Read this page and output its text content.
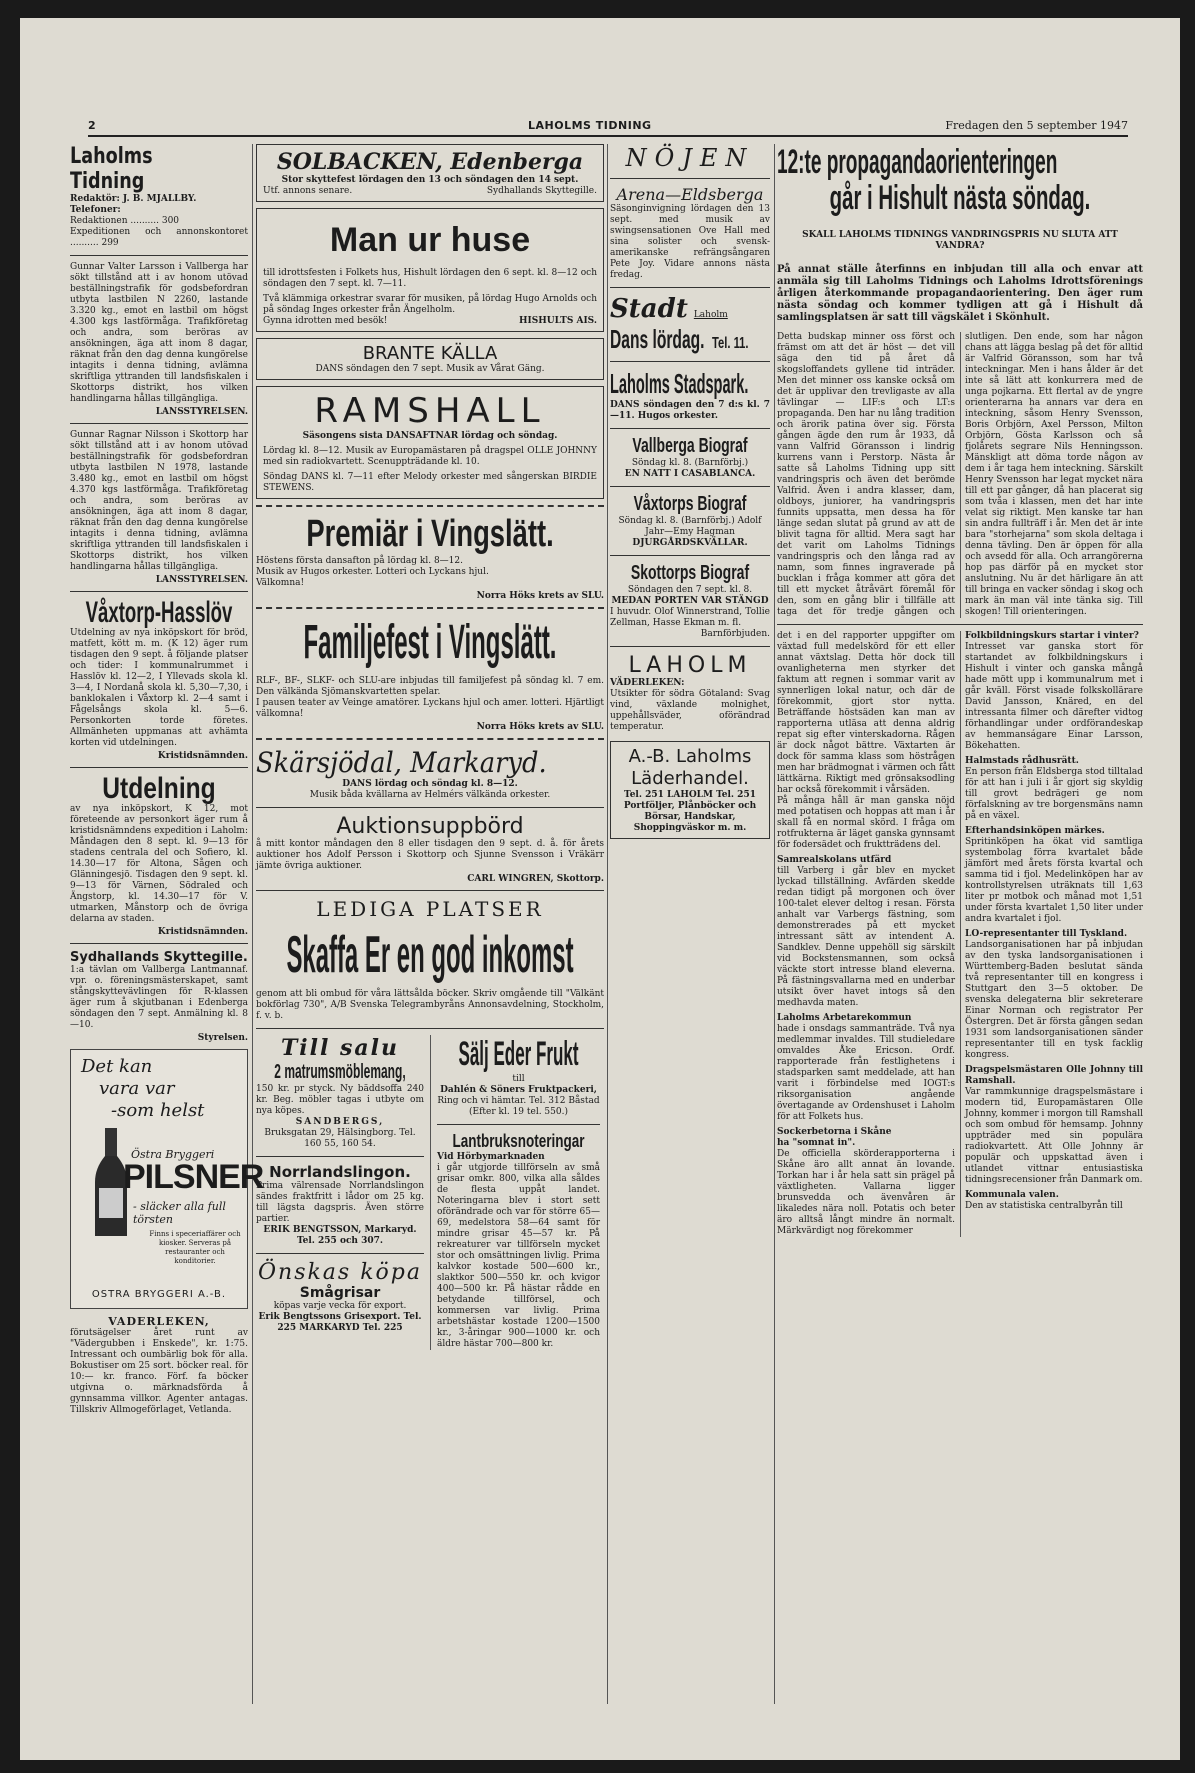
2	LAHOLMS TIDNING	Fredagen den 5 september 1947
Laholms Tidning
Redaktör: J. B. MJALLBY.
Telefoner:
Redaktionen .......... 300
Expeditionen och annonskontoret .......... 299

Gunnar Valter Larsson i Vallberga har sökt tillstånd att i av honom utövad beställningstrafik för godsbefordran utbyta lastbilen N 2260, lastande 3.320 kg., emot en lastbil om högst 4.300 kgs lastförmåga. Trafikföretag och andra, som beröras av ansökningen, äga att inom 8 dagar, räknat från den dag denna kungörelse intagits i denna tidning, avlämna skriftliga yttranden till landsfiskalen i Skottorps distrikt, hos vilken handlingarna hållas tillgängliga.

LANSSTYRELSEN.

Gunnar Ragnar Nilsson i Skottorp har sökt tillstånd att i av honom utövad beställningstrafik för godsbefordran utbyta lastbilen N 1978, lastande 3.480 kg., emot en lastbil om högst 4.370 kgs lastförmåga. Trafikföretag och andra, som beröras av ansökningen, äga att inom 8 dagar, räknat från den dag denna kungörelse intagits i denna tidning, avlämna skriftliga yttranden till landsfiskalen i Skottorps distrikt, hos vilken handlingarna hållas tillgängliga.

LANSSTYRELSEN.
Våxtorp-Hasslöv

Utdelning av nya inköpskort för bröd, matfett, kött m. m. (K 12) äger rum tisdagen den 9 sept. å följande platser och tider: I kommunalrummet i Hasslöv kl. 12—2, I Yllevads skola kl. 3—4, I Nordanå skola kl. 5,30—7,30, i banklokalen i Våxtorp kl. 2—4 samt i Fågelsångs skola kl. 5—6. Personkorten torde företes. Allmänheten uppmanas att avhämta korten vid utdelningen.

Kristidsnämnden.
Utdelning

av nya inköpskort, K 12, mot företeende av personkort äger rum å kristidsnämndens expedition i Laholm: Måndagen den 8 sept. kl. 9—13 för stadens centrala del och Sofiero, kl. 14.30—17 för Altona, Sågen och Glänningesjö. Tisdagen den 9 sept. kl. 9—13 för Värnen, Södraled och Ängstorp, kl. 14.30—17 för V. utmarken, Månstorp och de övriga delarna av staden.

Kristidsnämnden.
Sydhallands Skyttegille.

1:a tävlan om Vallberga Lantmannaf. vpr. o. föreningsmästerskapet, samt stångskyttevävlingen för R-klassen äger rum å skjutbanan i Edenberga söndagen den 7 sept. Anmälning kl. 8—10.

Styrelsen.
Det kan
vara var
-som helst
Östra Bryggeri
PILSNER
- släcker alla full törsten
Finns i speceriaffärer och kiosker. Serveras på restauranter och konditorier.
OSTRA BRYGGERI A.-B.
VADERLEKEN,

förutsägelser året runt av "Vädergubben i Enskede", kr. 1:75. Intressant och oumbärlig bok för alla. Bokustiser om 25 sort. böcker real. för 10:— kr. franco. Förf. fa böcker utgivna o. märknadsförda å gynnsamma villkor. Agenter antagas. Tillskriv Allmogeförlaget, Vetlanda.

SOLBACKEN, Edenberga
Stor skyttefest lördagen den 13 och söndagen den 14 sept.
Utf. annons senare.	Sydhallands Skyttegille.
Man ur huse

till idrottsfesten i Folkets hus, Hishult lördagen den 6 sept. kl. 8—12 och söndagen den 7 sept. kl. 7—11.

Två klämmiga orkestrar svarar för musiken, på lördag Hugo Arnolds och på söndag Inges orkester från Ängelholm.

Gynna idrotten med besök!	HISHULTS AIS.
BRANTE KÄLLA
DANS söndagen den 7 sept. Musik av Vårat Gäng.
RAMSHALL
Säsongens sista DANSAFTNAR lördag och söndag.

Lördag kl. 8—12. Musik av Europamästaren på dragspel OLLE JOHNNY med sin radiokvartett. Scenuppträdande kl. 10.

Söndag DANS kl. 7—11 efter Melody orkester med sångerskan BIRDIE STEWENS.

Premiär i Vingslätt.

Höstens första dansafton på lördag kl. 8—12.

Musik av Hugos orkester. Lotteri och Lyckans hjul.

Välkomna!

Norra Höks krets av SLU.
Familjefest i Vingslätt.

RLF-, BF-, SLKF- och SLU-are inbjudas till familjefest på söndag kl. 7 em. Den välkända Sjömanskvartetten spelar.

I pausen teater av Veinge amatörer. Lyckans hjul och amer. lotteri. Hjärtligt välkomna!

Norra Höks krets av SLU.
Skärsjödal, Markaryd.
DANS lördag och söndag kl. 8—12.
Musik båda kvällarna av Helmérs välkända orkester.
Auktionsuppbörd

å mitt kontor måndagen den 8 eller tisdagen den 9 sept. d. å. för årets auktioner hos Adolf Persson i Skottorp och Sjunne Svensson i Vräkärr jämte övriga auktioner.

CARL WINGREN, Skottorp.
LEDIGA PLATSER
Skaffa Er en god inkomst

genom att bli ombud för våra lättsålda böcker. Skriv omgående till "Välkänt bokförlag 730", A/B Svenska Telegrambyråns Annonsavdelning, Stockholm, f. v. b.

Till salu
2 matrumsmöblemang,

150 kr. pr styck. Ny bäddsoffa 240 kr. Beg. möbler tagas i utbyte om nya köpes.

SANDBERGS,
Bruksgatan 29, Hälsingborg. Tel. 160 55, 160 54.
Norrlandslingon.

Prima välrensade Norrlandslingon sändes fraktfritt i lådor om 25 kg. till lägsta dagspris. Även större partier.

ERIK BENGTSSON, Markaryd. Tel. 255 och 307.
Önskas köpa
Smågrisar
köpas varje vecka för export.
Erik Bengtssons Grisexport. Tel. 225 MARKARYD Tel. 225
Sälj Eder Frukt
till
Dahlén & Söners Fruktpackeri,
Ring och vi hämtar. Tel. 312 Båstad (Efter kl. 19 tel. 550.)
Lantbruksnoteringar
Vid Hörbymarknaden

i går utgjorde tillförseln av små grisar omkr. 800, vilka alla såldes de flesta uppåt landet. Noteringarna blev i stort sett oförändrade och var för större 65—69, medelstora 58—64 samt för mindre grisar 45—57 kr. På rekreaturer var tillförseln mycket stor och omsättningen livlig. Prima kalvkor kostade 500—600 kr., slaktkor 500—550 kr. och kvigor 400—500 kr. På hästar rådde en betydande tillförsel, och kommersen var livlig. Prima arbetshästar kostade 1200—1500 kr., 3-åringar 900—1000 kr. och äldre hästar 700—800 kr.

NÖJEN
Arena—Eldsberga

Säsonginvigning lördagen den 13 sept. med musik av swingsensationen Ove Hall med sina solister och svensk-amerikanske refrängsångaren Pete Joy. Vidare annons nästa fredag.

Stadt Laholm
Dans lördag. Tel. 11.
Laholms Stadspark.

DANS söndagen den 7 d:s kl. 7—11. Hugos orkester.

Vallberga Biograf
Söndag kl. 8. (Barnförbj.)
EN NATT I CASABLANCA.
Våxtorps Biograf
Söndag kl. 8. (Barnförbj.) Adolf Jahr—Emy Hagman
DJURGÅRDSKVÄLLAR.
Skottorps Biograf
Söndagen den 7 sept. kl. 8.
MEDAN PORTEN VAR STÄNGD

I huvudr. Olof Winnerstrand, Tollie Zellman, Hasse Ekman m. fl.

Barnförbjuden.
LAHOLM
VÄDERLEKEN:

Utsikter för södra Götaland: Svag vind, växlande molnighet, uppehållsväder, oförändrad temperatur.

A.-B. Laholms Läderhandel.
Tel. 251 LAHOLM Tel. 251
Portföljer, Plånböcker och Börsar, Handskar, Shoppingväskor m. m.
12:te propagandaorienteringen
går i Hishult nästa söndag.
SKALL LAHOLMS TIDNINGS VANDRINGSPRIS NU SLUTA ATT VANDRA?

På annat ställe återfinns en inbjudan till alla och envar att anmäla sig till Laholms Tidnings och Laholms Idrottsförenings årligen återkommande propagandaorientering. Den äger rum nästa söndag och kommer tydligen att gå i Hishult då samlingsplatsen är satt till vägskälet i Skönhult.

Detta budskap minner oss först och främst om att det är höst — det vill säga den tid på året då skogsloffandets gyllene tid inträder. Men det minner oss kanske också om det är upplivar den trevligaste av alla tävlingar — LIF:s och LT:s propaganda. Den har nu lång tradition och ärorik patina över sig. Första gången ägde den rum år 1933, då vann Valfrid Göransson i lindrig kurrens vann i Perstorp. Nästa år satte så Laholms Tidning upp sitt vandringspris och även det berömde Valfrid. Även i andra klasser, dam, oldboys, juniorer, ha vandringspris funnits uppsatta, men dessa ha för länge sedan slutat på grund av att de blivit tagna för alltid. Mera sagt har det varit om Laholms Tidnings vandringspris och den långa rad av namn, som finnes ingraverade på bucklan i fråga kommer att göra det till ett mycket åtråvärt föremål för den, som en gång blir i tillfälle att taga det för tredje gången och slutligen. Den ende, som har någon chans att lägga beslag på det för alltid är Valfrid Göransson, som har två inteckningar. Men i hans ålder är det inte så lätt att konkurrera med de unga pojkarna. Ett flertal av de yngre orienterarna ha annars var dera en inteckning, såsom Henry Svensson, Boris Orbjörn, Axel Persson, Milton Orbjörn, Gösta Karlsson och så fjolårets segrare Nils Henningsson. Mänskligt att döma torde någon av dem i år taga hem inteckning. Särskilt Henry Svensson har legat mycket nära till ett par gånger, då han placerat sig som tvåa i klassen, men det har inte velat sig riktigt. Men kanske tar han sin andra fullträff i år. Men det är inte bara "storhejarna" som skola deltaga i denna tävling. Den är öppen för alla och avsedd för alla. Och arrangörerna hop pas därför på en mycket stor anslutning. Nu är det härligare än att till bringa en vacker söndag i skog och mark än man väl inte tänka sig. Till skogen! Till orienteringen.

det i en del rapporter uppgifter om växtad full medelskörd för ett eller annat växtslag. Detta hör dock till ovanligheterna men styrker det faktum att regnen i sommar varit av synnerligen lokal natur, och där de förekommit, gjort stor nytta. Beträffande höstsäden kan man av rapporterna utläsa att denna aldrig repat sig efter vinterskadorna. Rågen är dock något bättre. Växtarten är dock för samma klass som höstrågen men har brädmognat i värmen och fått lättkärna. Riktigt med grönsaksodling har också förekommit i vårsäden.

På många håll är man ganska nöjd med potatisen och hoppas att man i år skall få en normal skörd. I fråga om rotfrukterna är läget ganska gynnsamt för fodersädet och fruktträdens del.

Samrealskolans utfärd

till Varberg i går blev en mycket lyckad tillställning. Avfärden skedde redan tidigt på morgonen och över 100-talet elever deltog i resan. Första anhalt var Varbergs fästning, som demonstrerades på ett mycket intressant sätt av intendent A. Sandklev. Denne uppehöll sig särskilt vid Bockstensmannen, som också väckte stort intresse bland eleverna. På fästningsvallarna med en underbar utsikt över havet intogs så den medhavda maten.

Laholms Arbetarekommun

hade i onsdags sammanträde. Två nya medlemmar invaldes. Till studieledare omvaldes Åke Ericson. Ordf. rapporterade från festlighetens i stadsparken samt meddelade, att han varit i förbindelse med IOGT:s riksorganisation angående övertagande av Ordenshuset i Laholm för att Folkets hus.

Sockerbetorna i Skåne
ha "somnat in".

De officiella skörderapporterna i Skåne äro allt annat än lovande. Torkan har i år hela satt sin prägel på växtligheten. Vallarna ligger brunsvedda och ävenvåren är likaledes nära noll. Potatis och beter äro alltså långt mindre än normalt. Märkvärdigt nog förekommer

Folkbildningskurs startar i vinter?

Intresset var ganska stort för startandet av folkbildningskurs i Hishult i vinter och ganska mångå hade mött upp i kommunalrum met i går kväll. Först visade folkskollärare David Jansson, Knäred, en del intressanta filmer och därefter vidtog förhandlingar under ordförandeskap av hemmanságare Einar Larsson, Bökehatten.

Halmstads rådhusrätt.

En person från Eldsberga stod tilltalad för att han i juli i år gjort sig skyldig till grovt bedrägeri ge nom förfalskning av tre borgensmäns namn på en växel.

Efterhandsinköpen märkes.

Spritinköpen ha ökat vid samtliga systembolag förra kvartalet både jämfört med årets första kvartal och samma tid i fjol. Medelinköpen har av kontrollstyrelsen uträknats till 1,63 liter pr motbok och månad mot 1,51 under första kvartalet 1,50 liter under andra kvartalet i fjol.

LO-representanter till Tyskland.

Landsorganisationen har på inbjudan av den tyska landsorganisationen i Württemberg-Baden beslutat sända två representanter till en kongress i Stuttgart den 3—5 oktober. De svenska delegaterna blir sekreterare Einar Norman och registrator Per Östergren. Det är första gången sedan 1931 som landsorganisationen sänder representanter till en tysk facklig kongress.

Dragspelsmästaren Olle Johnny till Ramshall.

Var rammkunnige dragspelsmästare i modern tid, Europamästaren Olle Johnny, kommer i morgon till Ramshall och som ombud för hemsamp. Johnny uppträder med sin populära radiokvartett. Att Olle Johnny är populär och uppskattad även i utlandet vittnar entusiastiska tidningsrecensioner från Danmark om.

Kommunala valen.

Den av statistiska centralbyrån till
